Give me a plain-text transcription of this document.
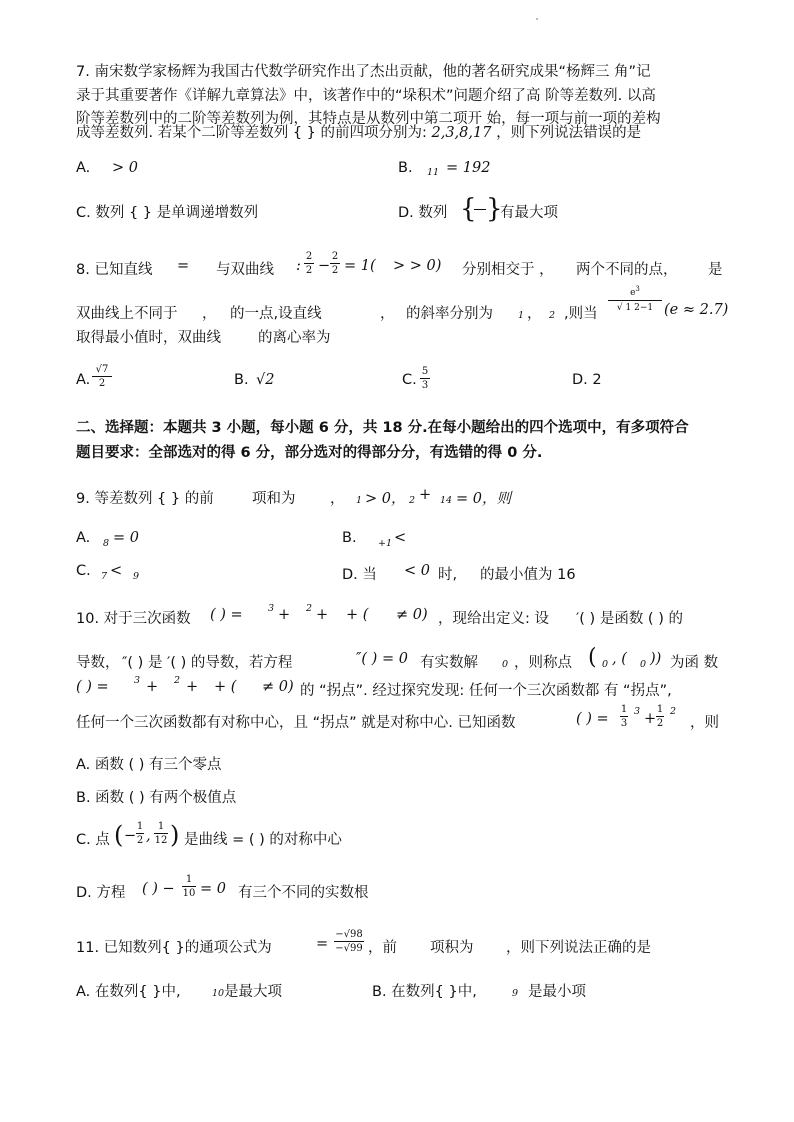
7. 南宋数学家杨辉为我国古代数学研究作出了杰出贡献，他的著名研究成果“杨辉三 角”记
录于其重要著作《详解九章算法》中，该著作中的“垛积术”问题介绍了高 阶等差数列. 以高
阶等差数列中的二阶等差数列为例，其特点是从数列中第二项开 始，每一项与前一项的差构
成等差数列. 若某个二阶等差数列 { } 的前四项分别为: 2,3,8,17 ，则下列说法错误的是
A. > 0	B. 11 = 192
C. 数列 { } 是单调递增数列	D. 数列 {

}
有最大项
8. 已知直线 = 与双曲线 :
2
2 −
2
2 = 1( > > 0) 分别相交于 ， 两个不同的点， 是
双曲线上不同于 ， 的一点,设直线	， 的斜率分别为	1 ， 2 ,则当
$e^3$
√ 1 2−1 (e ≈ 2.7)
取得最小值时，双曲线	的离心率为
A.
√7
2	B. √2	C.
5
3	D. 2
二、选择题：本题共 3 小题，每小题 6 分，共 18 分.在每小题给出的四个选项中，有多项符合
题目要求：全部选对的得 6 分，部分选对的得部分分，有选错的得 0 分.
9. 等差数列 { } 的前	项和为 ， 1 > 0， 2 + 14 = 0，则
A. 8 = 0	B. +1 <
C. 7 < 9	D. 当 < 0 时, 的最小值为 16
10. 对于三次函数 ( ) =	3 + 2 + + ( ≠ 0) ，现给出定义: 设 ′( ) 是函数 ( ) 的
导数， ″( ) 是 ′( ) 的导数，若方程	″( ) = 0 有实数解	0 ，则称点 ( 0 , ( 0 )) 为函 数
( ) =	3 + 2 + + ( ≠ 0) 的 “拐点”. 经过探究发现: 任何一个三次函数都 有 “拐点”,
任何一个三次函数都有对称中心，且 “拐点” 就是对称中心. 已知函数	( ) =
1
3
3 +
1
2
2
，则
A. 函数 ( ) 有三个零点
B. 函数 ( ) 有两个极值点
C. 点 ( −
1
2 ,
1
12 ) 是曲线 = ( ) 的对称中心
D. 方程 ( ) −
1
10 = 0 有三个不同的实数根
11. 已知数列{ }的通项公式为	=
−√98
−√99 ，前 项积为 ，则下列说法正确的是
A. 在数列{ }中,	10 是最大项	B. 在数列{ }中,	9 是最小项
